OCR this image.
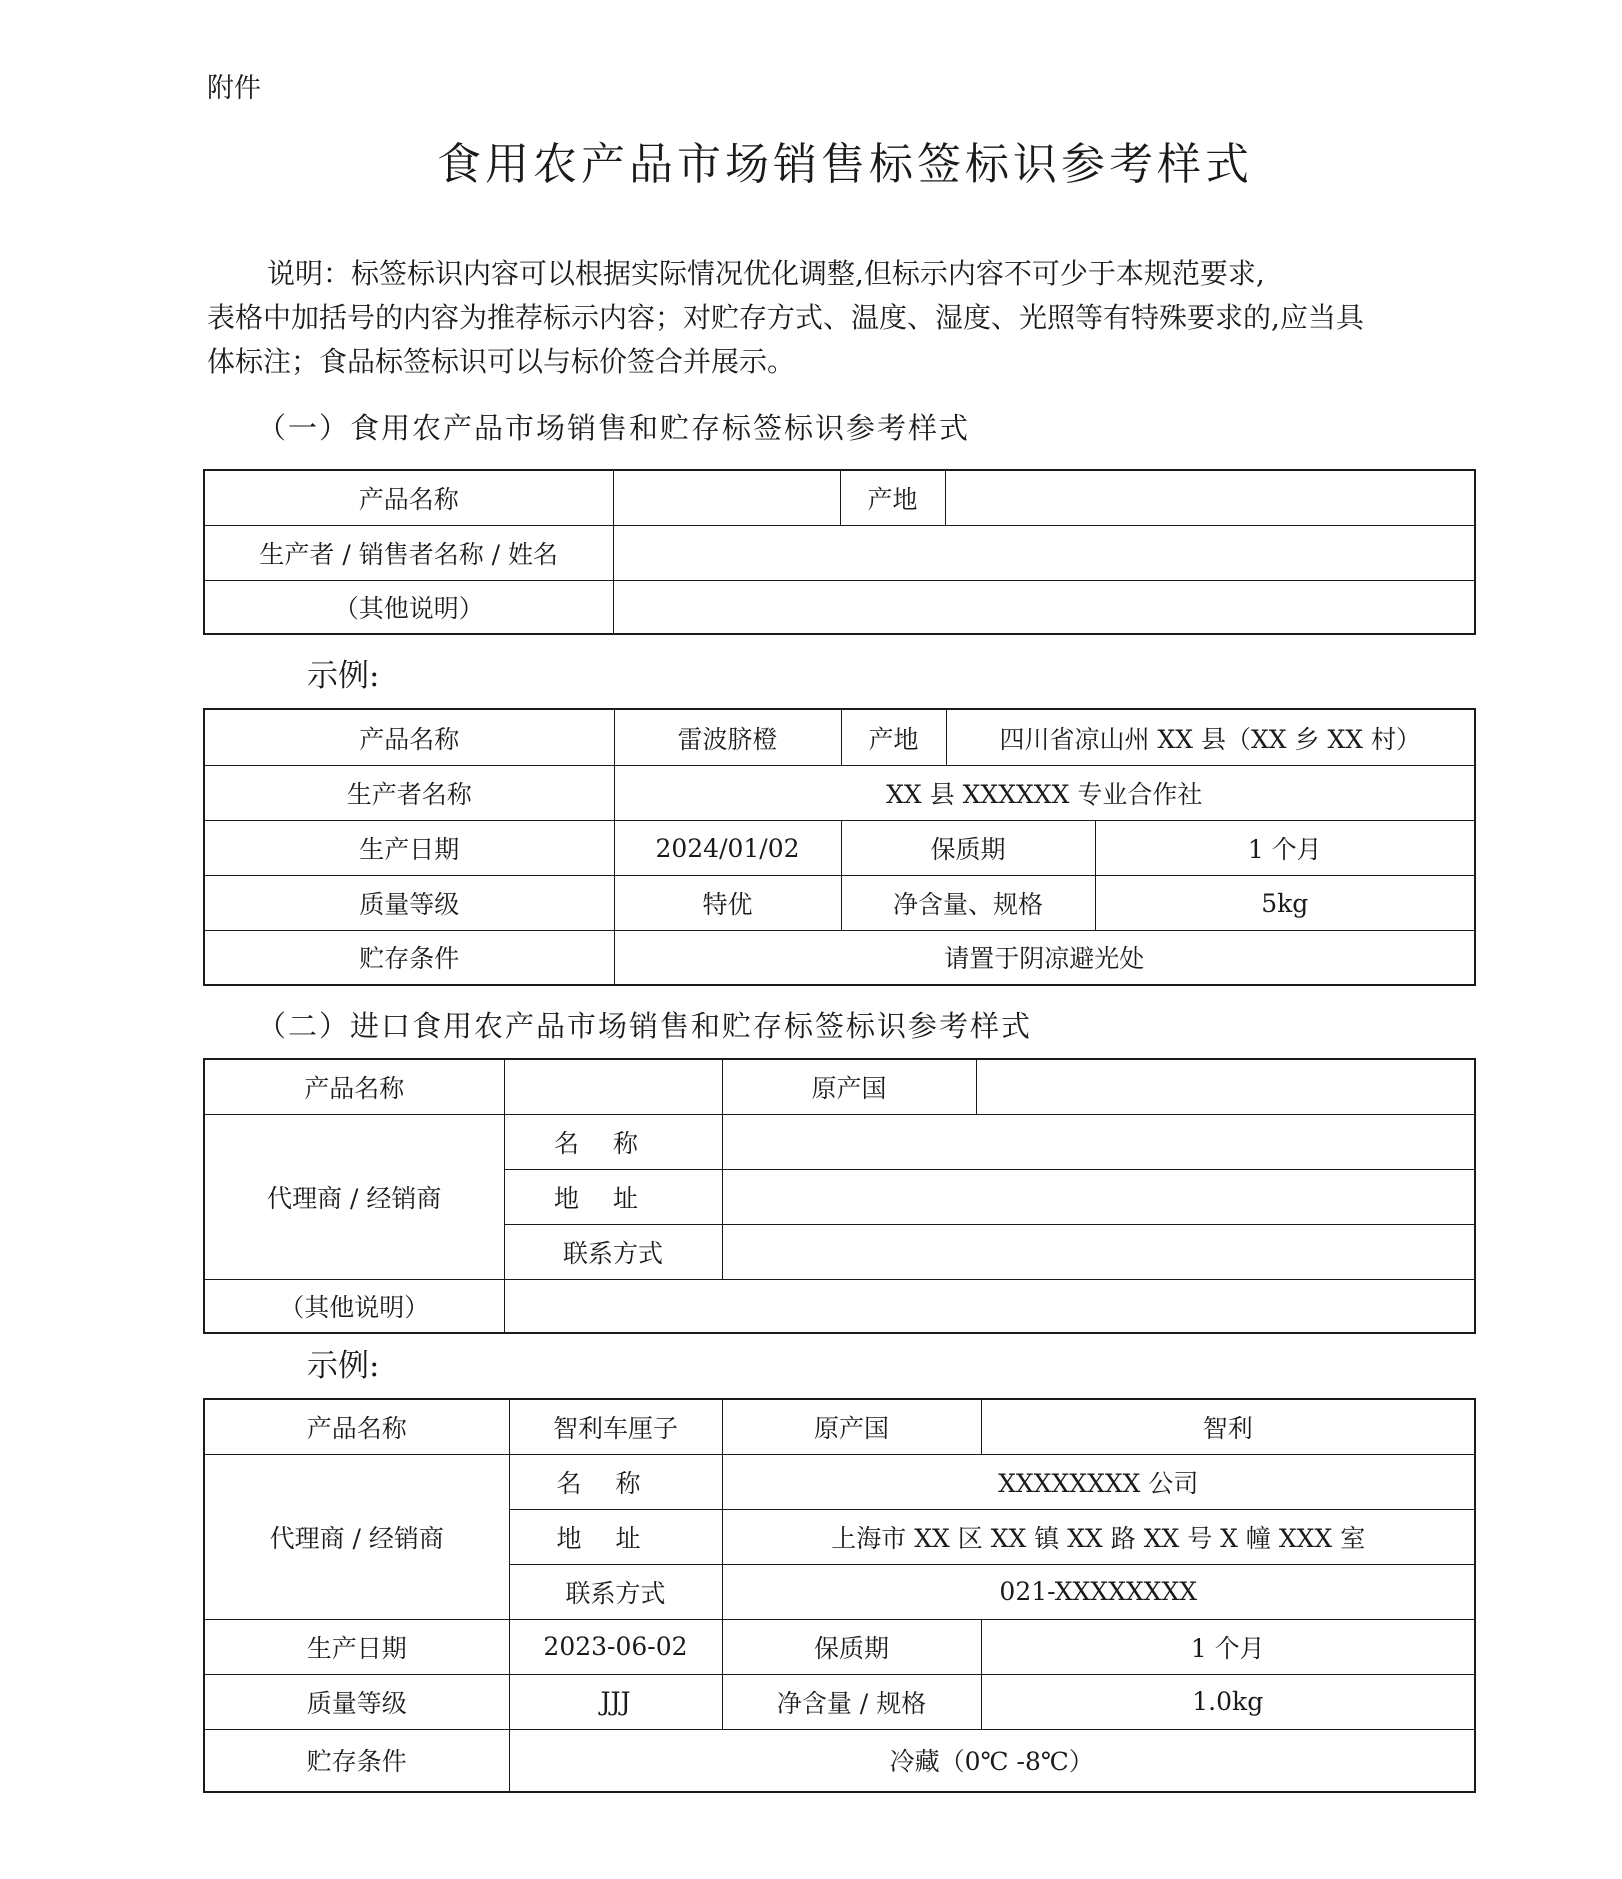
附件
食用农产品市场销售标签标识参考样式

说明：标签标识内容可以根据实际情况优化调整,但标示内容不可少于本规范要求,

表格中加括号的内容为推荐标示内容；对贮存方式、温度、湿度、光照等有特殊要求的,应当具

体标注；食品标签标识可以与标价签合并展示。

（一）食用农产品市场销售和贮存标签标识参考样式
产品名称		产地	
生产者 / 销售者名称 / 姓名			
（其他说明）			
示例:
产品名称	雷波脐橙	产地 四川省凉山州 XX 县（XX 乡 XX 村）	

生产者名称	XX 县 XXXXXX 专业合作社		
生产日期	2024/01/02	保质期	1 个月
质量等级	特优	净含量、规格	5kg
贮存条件	请置于阴凉避光处		
（二）进口食用农产品市场销售和贮存标签标识参考样式
产品名称		原产国	
代理商 / 经销商	名称		
	地址		
	联系方式		
（其他说明）			
示例:
产品名称	智利车厘子	原产国	智利
代理商 / 经销商	名称	XXXXXXXX 公司	
	地址	上海市 XX 区 XX 镇 XX 路 XX 号 X 幢 XXX 室	
	联系方式	021-XXXXXXXX	
生产日期	2023-06-02	保质期	1 个月
质量等级	JJJ	净含量 / 规格	1.0kg
贮存条件	冷藏（0℃ -8℃）		
